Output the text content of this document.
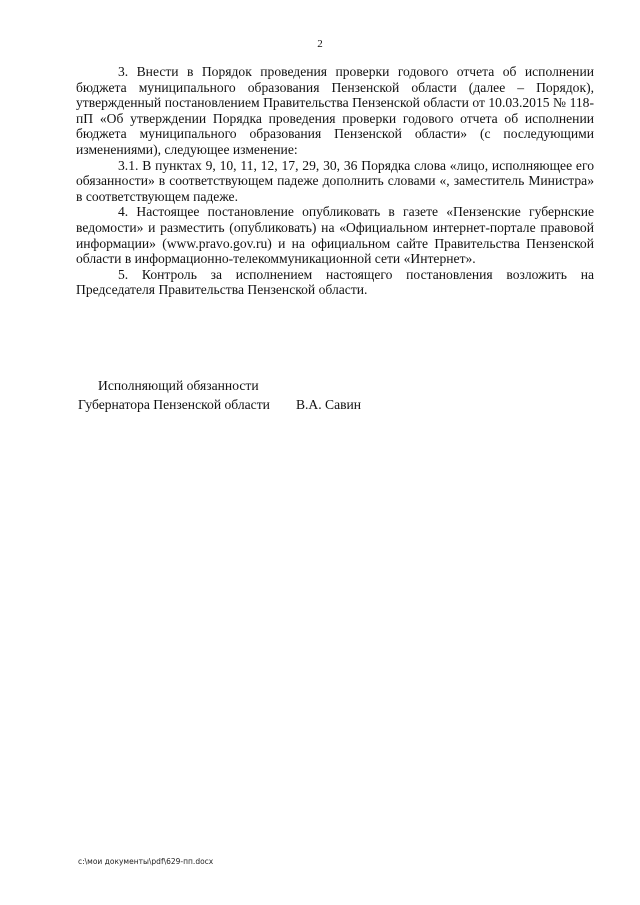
2

3. Внести в Порядок проведения проверки годового отчета об исполнении бюджета муниципального образования Пензенской области (далее – Порядок), утвержденный постановлением Правительства Пензенской области от 10.03.2015 № 118-пП «Об утверждении Порядка проведения проверки годового отчета об исполнении бюджета муниципального образования Пензенской области» (с последующими изменениями), следующее изменение:

3.1. В пунктах 9, 10, 11, 12, 17, 29, 30, 36 Порядка слова «лицо, исполняющее его обязанности» в соответствующем падеже дополнить словами «, заместитель Министра» в соответствующем падеже.

4. Настоящее постановление опубликовать в газете «Пензенские губернские ведомости» и разместить (опубликовать) на «Официальном интернет-портале правовой информации» (www.pravo.gov.ru) и на официальном сайте Правительства Пензенской области в информационно-телекоммуникационной сети «Интернет».

5. Контроль за исполнением настоящего постановления возложить на Председателя Правительства Пензенской области.

Исполняющий обязанности
Губернатора Пензенской области В.А. Савин
c:\мои документы\pdf\629-пп.docx
